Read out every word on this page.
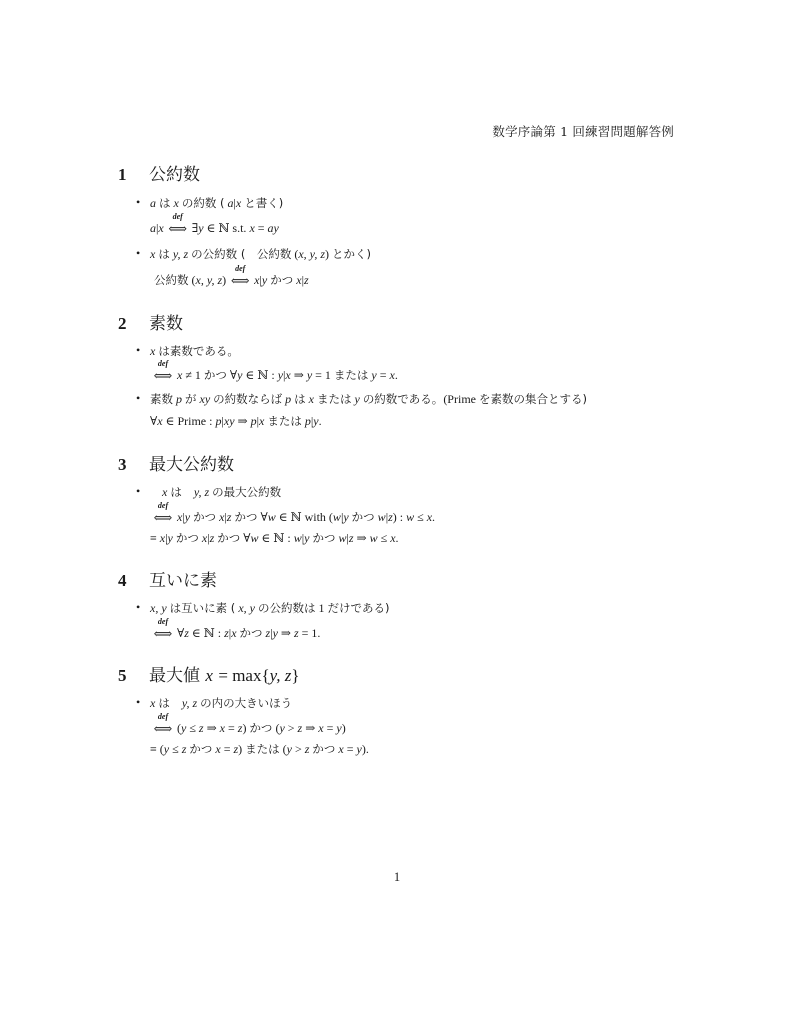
数学序論第 1 回練習問題解答例
1	公約数
• a は x の約数 ( a|x と書く)
a|x
def
⟺ ∃y ∈ ℕ s.t. x = ay
• x は y, z の公約数 (　公約数 (x, y, z) とかく)
公約数 (x, y, z)
def
⟺ x|y かつ x|z
2	素数
• x は素数である。
def
⟺ x ≠ 1 かつ ∀y ∈ ℕ : y|x ⇒ y = 1 または y = x.
• 素数 p が xy の約数ならば p は x または y の約数である。(Prime を素数の集合とする)
∀x ∈ Prime : p|xy ⇒ p|x または p|y.
3	最大公約数
• x は y, z の最大公約数
def
⟺ x|y かつ x|z かつ ∀w ∈ ℕ with (w|y かつ w|z) : w ≤ x.
≡ x|y かつ x|z かつ ∀w ∈ ℕ : w|y かつ w|z ⇒ w ≤ x.
4	互いに素
• x, y は互いに素 ( x, y の公約数は 1 だけである)
def
⟺ ∀z ∈ ℕ : z|x かつ z|y ⇒ z = 1.
5	最大値 x = max{y, z}
• x は y, z の内の大きいほう
def
⟺ (y ≤ z ⇒ x = z) かつ (y > z ⇒ x = y)
≡ (y ≤ z かつ x = z) または (y > z かつ x = y).
1
